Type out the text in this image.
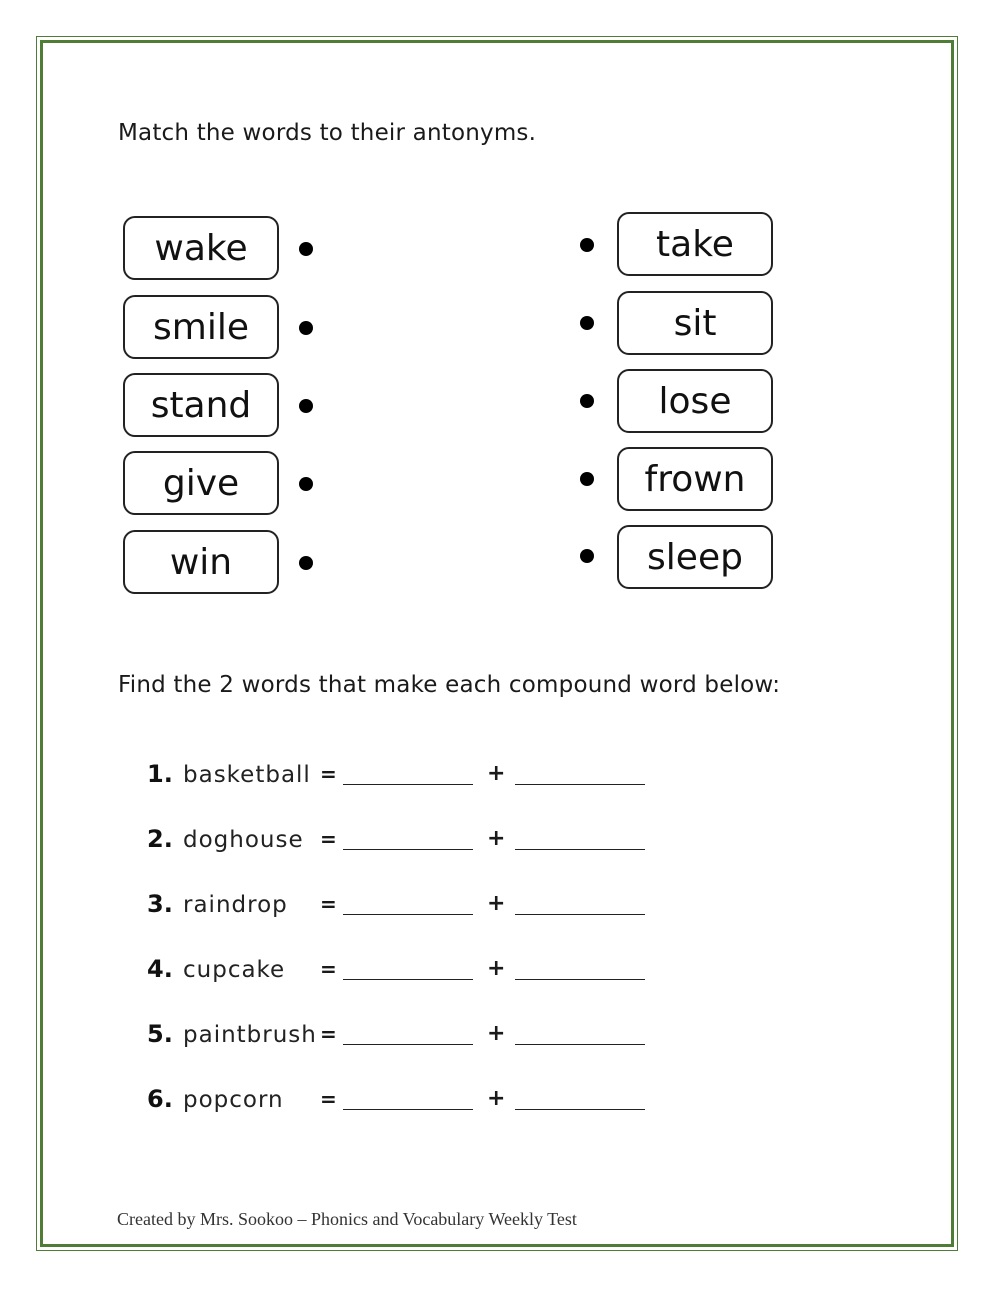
Match the words to their antonyms.
wake
smile
stand
give
win
take
sit
lose
frown
sleep
Find the 2 words that make each compound word below:
1. basketball =	+
2. doghouse =	+
3. raindrop =	+
4. cupcake =	+
5. paintbrush =	+
6. popcorn =	+
Created by Mrs. Sookoo – Phonics and Vocabulary Weekly Test
